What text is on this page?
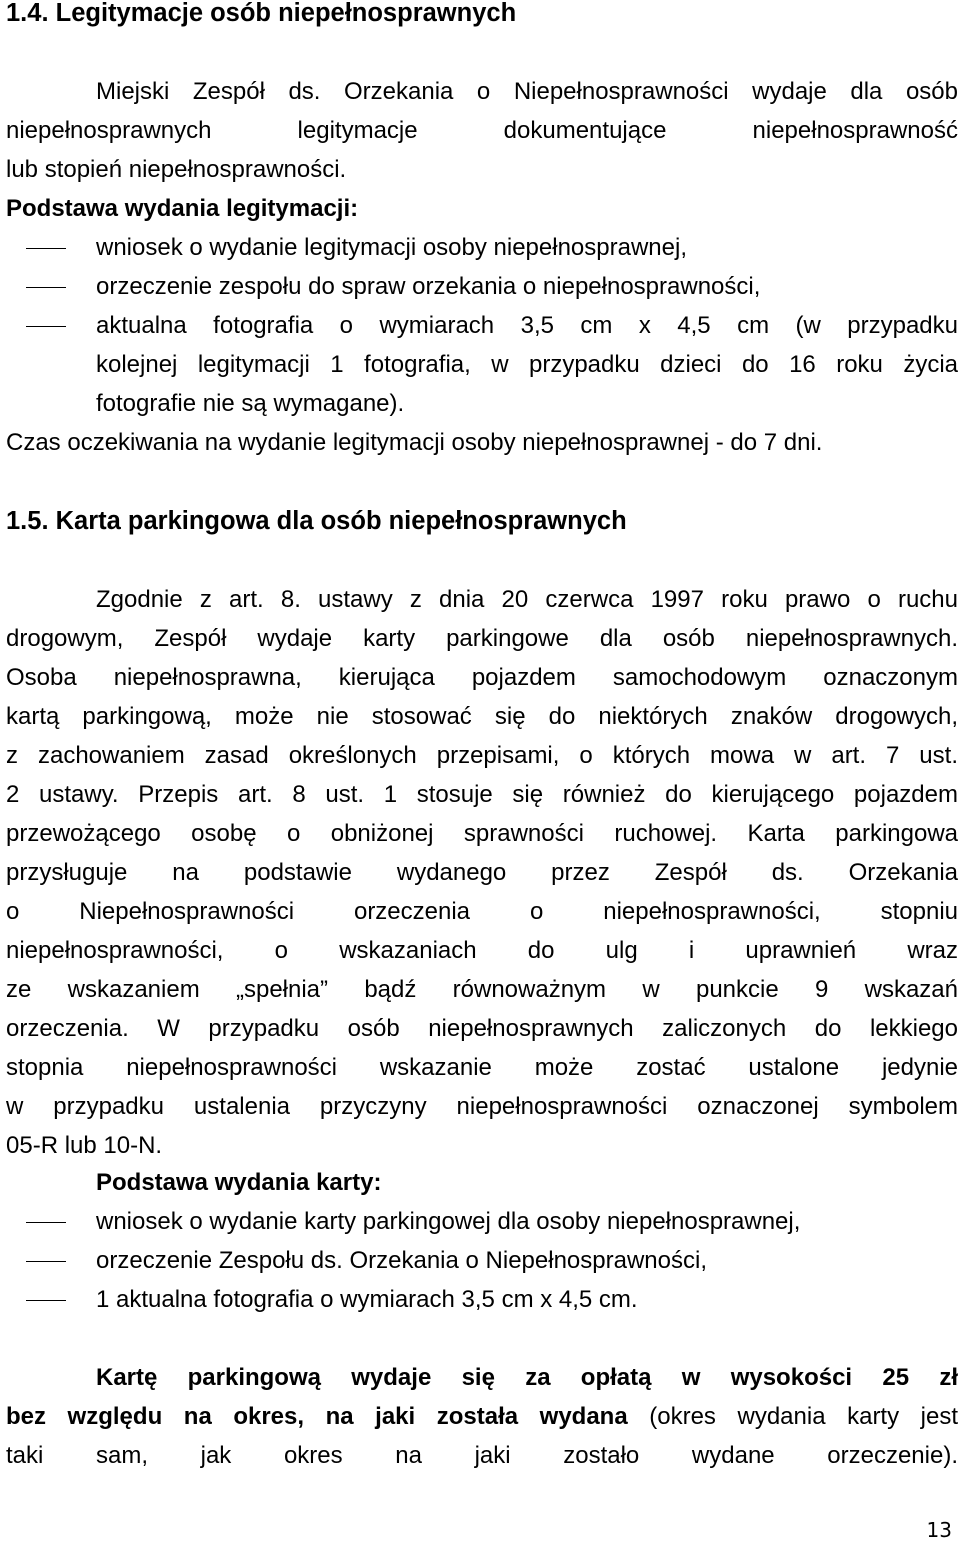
1.4. Legitymacje osób niepełnosprawnych
Miejski Zespół ds. Orzekania o Niepełnosprawności wydaje dla osób
niepełnosprawnych legitymacje dokumentujące niepełnosprawność
lub stopień niepełnosprawności.
Podstawa wydania legitymacji:
wniosek o wydanie legitymacji osoby niepełnosprawnej,
orzeczenie zespołu do spraw orzekania o niepełnosprawności,
aktualna fotografia o wymiarach 3,5 cm x 4,5 cm (w przypadku
kolejnej legitymacji 1 fotografia, w przypadku dzieci do 16 roku życia
fotografie nie są wymagane).
Czas oczekiwania na wydanie legitymacji osoby niepełnosprawnej - do 7 dni.
1.5. Karta parkingowa dla osób niepełnosprawnych
Zgodnie z art. 8. ustawy z dnia 20 czerwca 1997 roku prawo o ruchu
drogowym, Zespół wydaje karty parkingowe dla osób niepełnosprawnych.
Osoba niepełnosprawna, kierująca pojazdem samochodowym oznaczonym
kartą parkingową, może nie stosować się do niektórych znaków drogowych,
z zachowaniem zasad określonych przepisami, o których mowa w art. 7 ust.
2 ustawy. Przepis art. 8 ust. 1 stosuje się również do kierującego pojazdem
przewożącego osobę o obniżonej sprawności ruchowej. Karta parkingowa
przysługuje na podstawie wydanego przez Zespół ds. Orzekania
o Niepełnosprawności orzeczenia o niepełnosprawności, stopniu
niepełnosprawności, o wskazaniach do ulg i uprawnień wraz
ze wskazaniem „spełnia” bądź równoważnym w punkcie 9 wskazań
orzeczenia. W przypadku osób niepełnosprawnych zaliczonych do lekkiego
stopnia niepełnosprawności wskazanie może zostać ustalone jedynie
w przypadku ustalenia przyczyny niepełnosprawności oznaczonej symbolem
05-R lub 10-N.
Podstawa wydania karty:
wniosek o wydanie karty parkingowej dla osoby niepełnosprawnej,
orzeczenie Zespołu ds. Orzekania o Niepełnosprawności,
1 aktualna fotografia o wymiarach 3,5 cm x 4,5 cm.
Kartę parkingową wydaje się za opłatą w wysokości 25 zł
bez względu na okres, na jaki została wydana (okres wydania karty jest
taki sam, jak okres na jaki zostało wydane orzeczenie).
13
